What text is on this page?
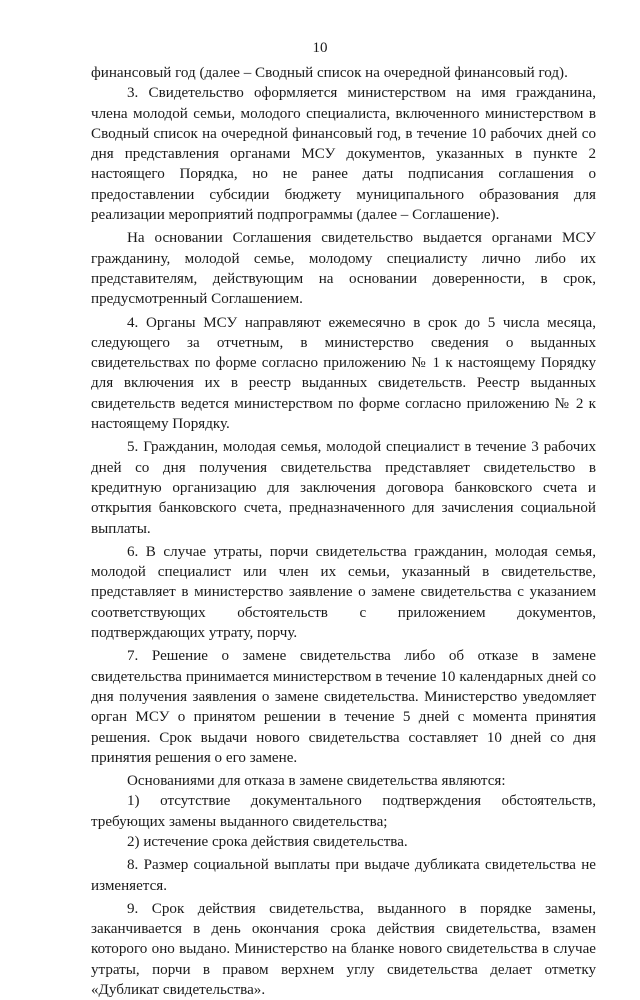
10

финансовый год (далее – Сводный список на очередной финансовый год).

3. Свидетельство оформляется министерством на имя гражданина, члена молодой семьи, молодого специалиста, включенного министерством в Сводный список на очередной финансовый год, в течение 10 рабочих дней со дня представления органами МСУ документов, указанных в пункте 2 настоящего Порядка, но не ранее даты подписания соглашения о предоставлении субсидии бюджету муниципального образования для реализации мероприятий подпрограммы (далее – Соглашение).

На основании Соглашения свидетельство выдается органами МСУ гражданину, молодой семье, молодому специалисту лично либо их представителям, действующим на основании доверенности, в срок, предусмотренный Соглашением.

4. Органы МСУ направляют ежемесячно в срок до 5 числа месяца, следующего за отчетным, в министерство сведения о выданных свидетельствах по форме согласно приложению № 1 к настоящему Порядку для включения их в реестр выданных свидетельств. Реестр выданных свидетельств ведется министерством по форме согласно приложению № 2 к настоящему Порядку.

5. Гражданин, молодая семья, молодой специалист в течение 3 рабочих дней со дня получения свидетельства представляет свидетельство в кредитную организацию для заключения договора банковского счета и открытия банковского счета, предназначенного для зачисления социальной выплаты.

6. В случае утраты, порчи свидетельства гражданин, молодая семья, молодой специалист или член их семьи, указанный в свидетельстве, представляет в министерство заявление о замене свидетельства с указанием соответствующих обстоятельств с приложением документов, подтверждающих утрату, порчу.

7. Решение о замене свидетельства либо об отказе в замене свидетельства принимается министерством в течение 10 календарных дней со дня получения заявления о замене свидетельства. Министерство уведомляет орган МСУ о принятом решении в течение 5 дней с момента принятия решения. Срок выдачи нового свидетельства составляет 10 дней со дня принятия решения о его замене.

Основаниями для отказа в замене свидетельства являются:

1) отсутствие документального подтверждения обстоятельств, требующих замены выданного свидетельства;

2) истечение срока действия свидетельства.

8. Размер социальной выплаты при выдаче дубликата свидетельства не изменяется.

9. Срок действия свидетельства, выданного в порядке замены, заканчивается в день окончания срока действия свидетельства, взамен которого оно выдано. Министерство на бланке нового свидетельства в случае утраты, порчи в правом верхнем углу свидетельства делает отметку «Дубликат свидетельства».
